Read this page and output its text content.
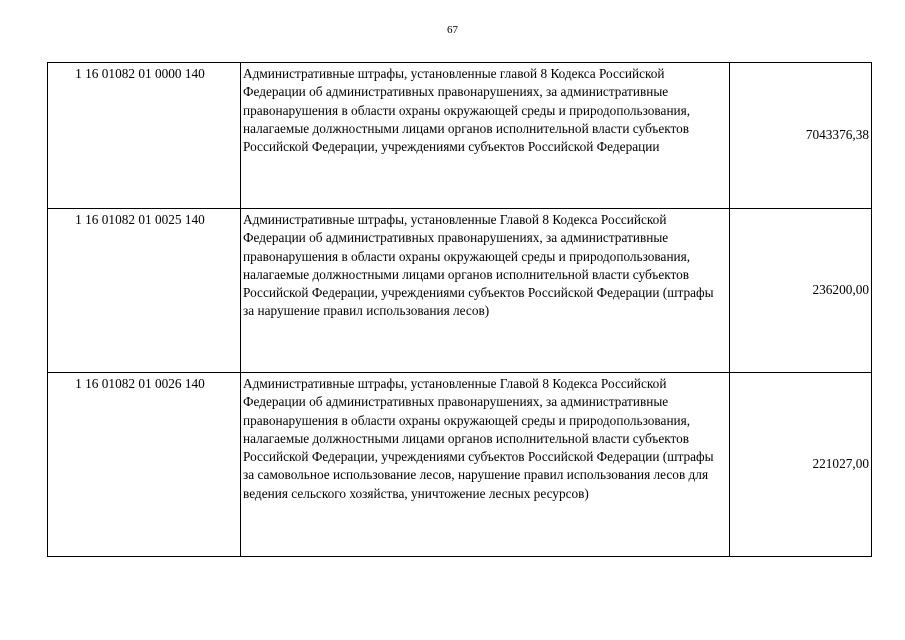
67
1 16 01082 01 0000 140	Административные штрафы, установленные главой 8 Кодекса Российской Федерации об административных правонарушениях, за административные правонарушения в области охраны окружающей среды и природопользования, налагаемые должностными лицами органов исполнительной власти субъектов Российской Федерации, учреждениями субъектов Российской Федерации	7043376,38
1 16 01082 01 0025 140	Административные штрафы, установленные Главой 8 Кодекса Российской Федерации об административных правонарушениях, за административные правонарушения в области охраны окружающей среды и природопользования, налагаемые должностными лицами органов исполнительной власти субъектов Российской Федерации, учреждениями субъектов Российской Федерации (штрафы за нарушение правил использования лесов)	236200,00
1 16 01082 01 0026 140	Административные штрафы, установленные Главой 8 Кодекса Российской Федерации об административных правонарушениях, за административные правонарушения в области охраны окружающей среды и природопользования, налагаемые должностными лицами органов исполнительной власти субъектов Российской Федерации, учреждениями субъектов Российской Федерации (штрафы за самовольное использование лесов, нарушение правил использования лесов для ведения сельского хозяйства, уничтожение лесных ресурсов)	221027,00
